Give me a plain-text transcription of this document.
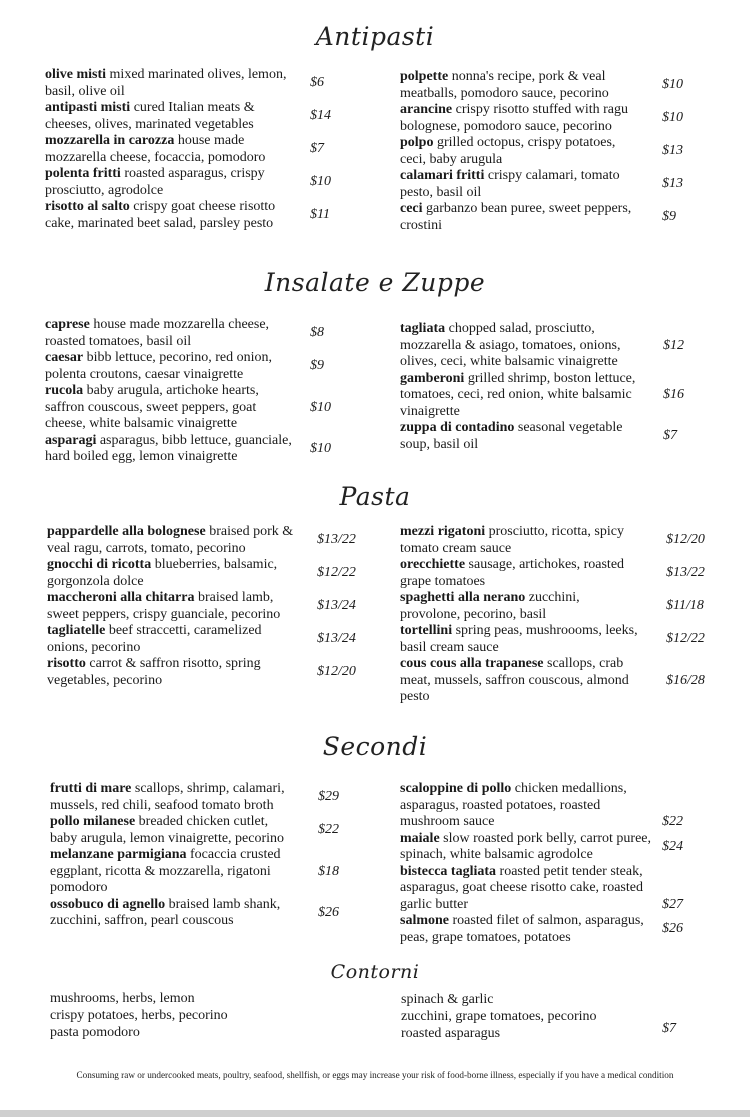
Antipasti
olive misti mixed marinated olives, lemon, basil, olive oil
$6
antipasti misti cured Italian meats & cheeses, olives, marinated vegetables
$14
mozzarella in carozza house made mozzarella cheese, focaccia, pomodoro
$7
polenta fritti roasted asparagus, crispy prosciutto, agrodolce
$10
risotto al salto crispy goat cheese risotto cake, marinated beet salad, parsley pesto
$11
polpette nonna's recipe, pork & veal meatballs, pomodoro sauce, pecorino
$10
arancine crispy risotto stuffed with ragu bolognese, pomodoro sauce, pecorino
$10
polpo grilled octopus, crispy potatoes, ceci, baby arugula
$13
calamari fritti crispy calamari, tomato pesto, basil oil
$13
ceci garbanzo bean puree, sweet peppers, crostini
$9
Insalate e Zuppe
caprese house made mozzarella cheese, roasted tomatoes, basil oil
$8
caesar bibb lettuce, pecorino, red onion, polenta croutons, caesar vinaigrette
$9
rucola baby arugula, artichoke hearts, saffron couscous, sweet peppers, goat cheese, white balsamic vinaigrette
$10
asparagi asparagus, bibb lettuce, guanciale, hard boiled egg, lemon vinaigrette
$10
tagliata chopped salad, prosciutto, mozzarella & asiago, tomatoes, onions, olives, ceci, white balsamic vinaigrette
$12
gamberoni grilled shrimp, boston lettuce, tomatoes, ceci, red onion, white balsamic vinaigrette
$16
zuppa di contadino seasonal vegetable soup, basil oil
$7
Pasta
pappardelle alla bolognese braised pork & veal ragu, carrots, tomato, pecorino
$13/22
gnocchi di ricotta blueberries, balsamic, gorgonzola dolce
$12/22
maccheroni alla chitarra braised lamb, sweet peppers, crispy guanciale, pecorino
$13/24
tagliatelle beef straccetti, caramelized onions, pecorino
$13/24
risotto carrot & saffron risotto, spring vegetables, pecorino
$12/20
mezzi rigatoni prosciutto, ricotta, spicy tomato cream sauce
$12/20
orecchiette sausage, artichokes, roasted grape tomatoes
$13/22
spaghetti alla nerano zucchini, provolone, pecorino, basil
$11/18
tortellini spring peas, mushroooms, leeks, basil cream sauce
$12/22
cous cous alla trapanese scallops, crab meat, mussels, saffron couscous, almond pesto
$16/28
Secondi
frutti di mare scallops, shrimp, calamari, mussels, red chili, seafood tomato broth
$29
pollo milanese breaded chicken cutlet, baby arugula, lemon vinaigrette, pecorino
$22
melanzane parmigiana focaccia crusted eggplant, ricotta & mozzarella, rigatoni pomodoro
$18
ossobuco di agnello braised lamb shank, zucchini, saffron, pearl couscous
$26
scaloppine di pollo chicken medallions, asparagus, roasted potatoes, roasted mushroom sauce	$22
maiale slow roasted pork belly, carrot puree, spinach, white balsamic agrodolce
$24
bistecca tagliata roasted petit tender steak, asparagus, goat cheese risotto cake, roasted garlic butter	$27
salmone roasted filet of salmon, asparagus, peas, grape tomatoes, potatoes
$26
Contorni
mushrooms, herbs, lemon
crispy potatoes, herbs, pecorino
pasta pomodoro
spinach & garlic
zucchini, grape tomatoes, pecorino
roasted asparagus	$7
Consuming raw or undercooked meats, poultry, seafood, shellfish, or eggs may increase your risk of food-borne illness, especially if you have a medical condition
